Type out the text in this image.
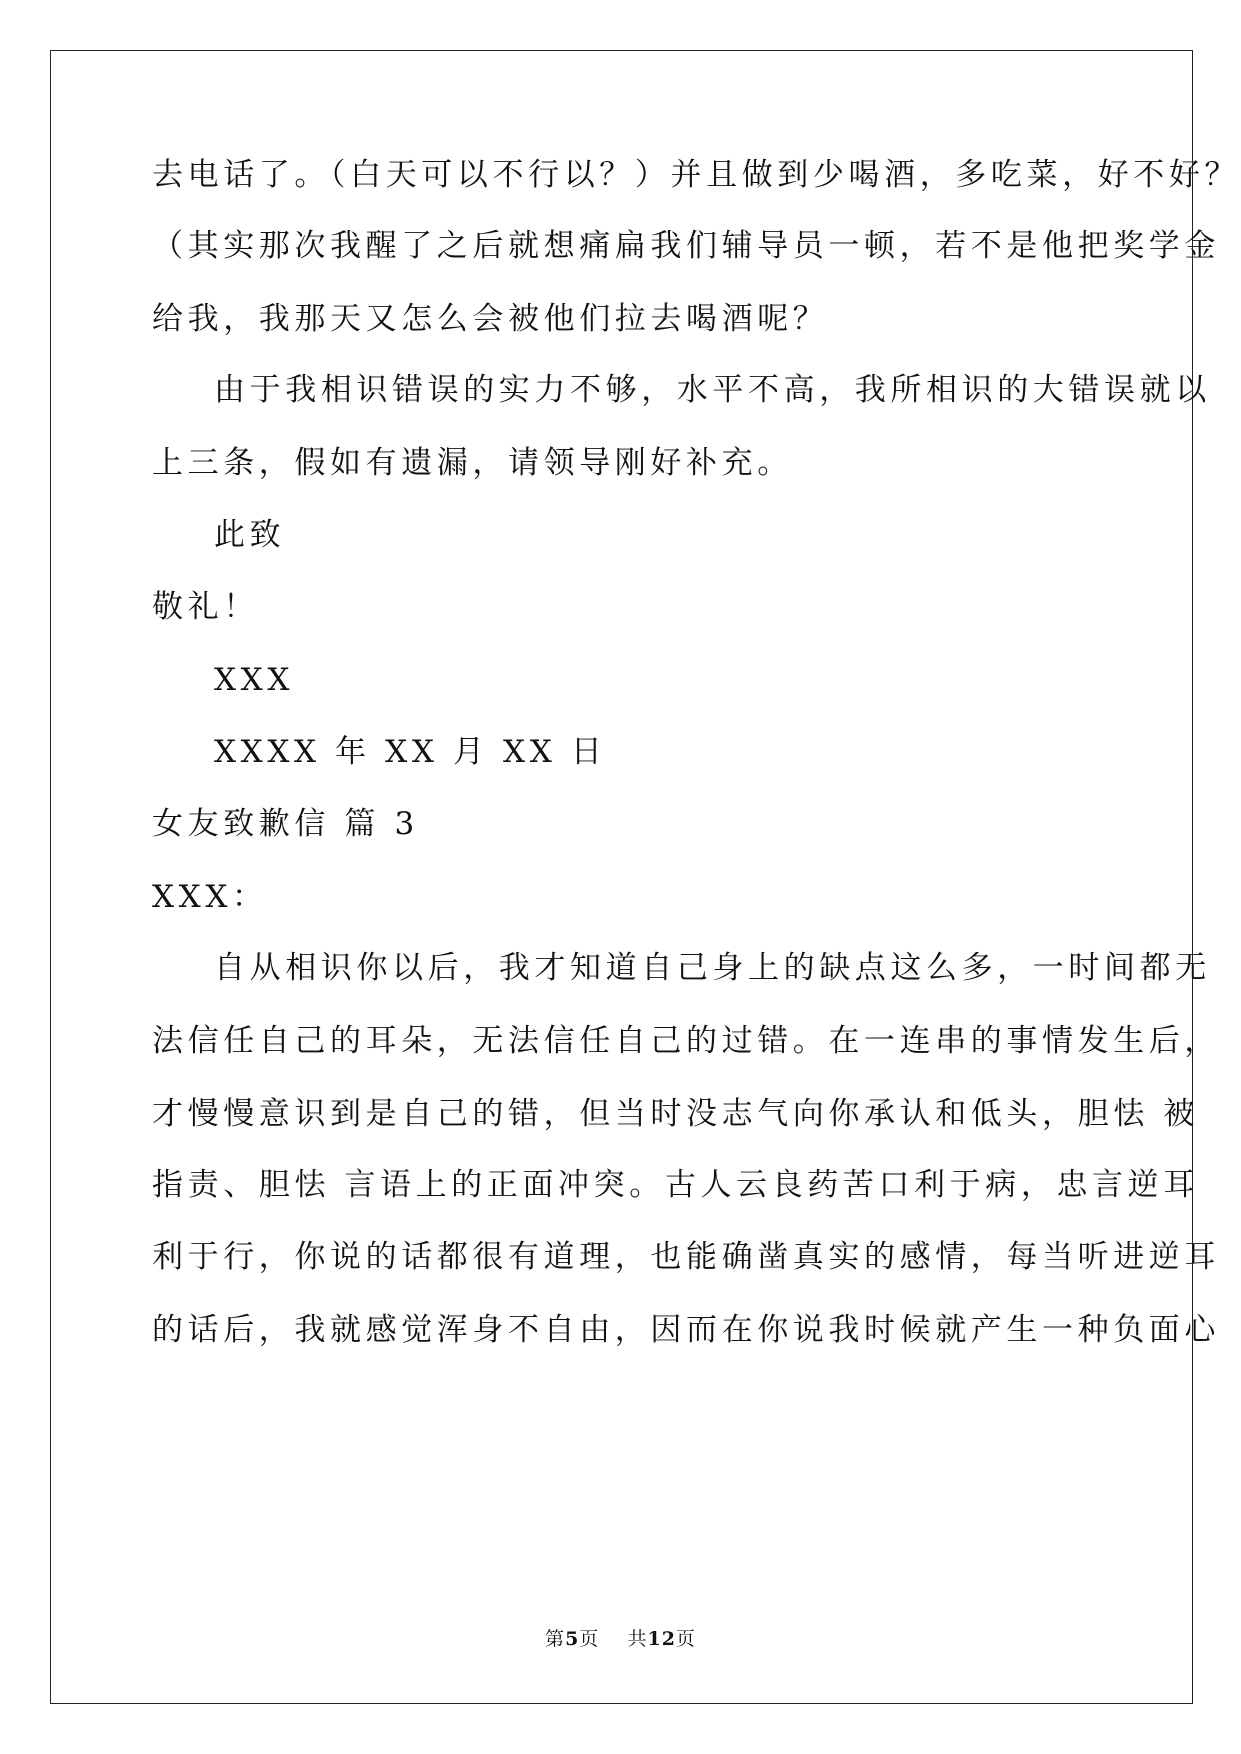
去电话了。（白天可以不行以？）并且做到少喝酒，多吃菜，好不好？
（其实那次我醒了之后就想痛扁我们辅导员一顿，若不是他把奖学金
给我，我那天又怎么会被他们拉去喝酒呢？
由于我相识错误的实力不够，水平不高，我所相识的大错误就以
上三条，假如有遗漏，请领导刚好补充。
此致
敬礼！
XXX
XXXX 年 XX 月 XX 日
女友致歉信 篇 3
XXX：
自从相识你以后，我才知道自己身上的缺点这么多，一时间都无
法信任自己的耳朵，无法信任自己的过错。在一连串的事情发生后，
才慢慢意识到是自己的错，但当时没志气向你承认和低头，胆怯 被
指责、胆怯 言语上的正面冲突。古人云良药苦口利于病，忠言逆耳
利于行，你说的话都很有道理，也能确凿真实的感情，每当听进逆耳
的话后，我就感觉浑身不自由，因而在你说我时候就产生一种负面心
第5页    共12页
